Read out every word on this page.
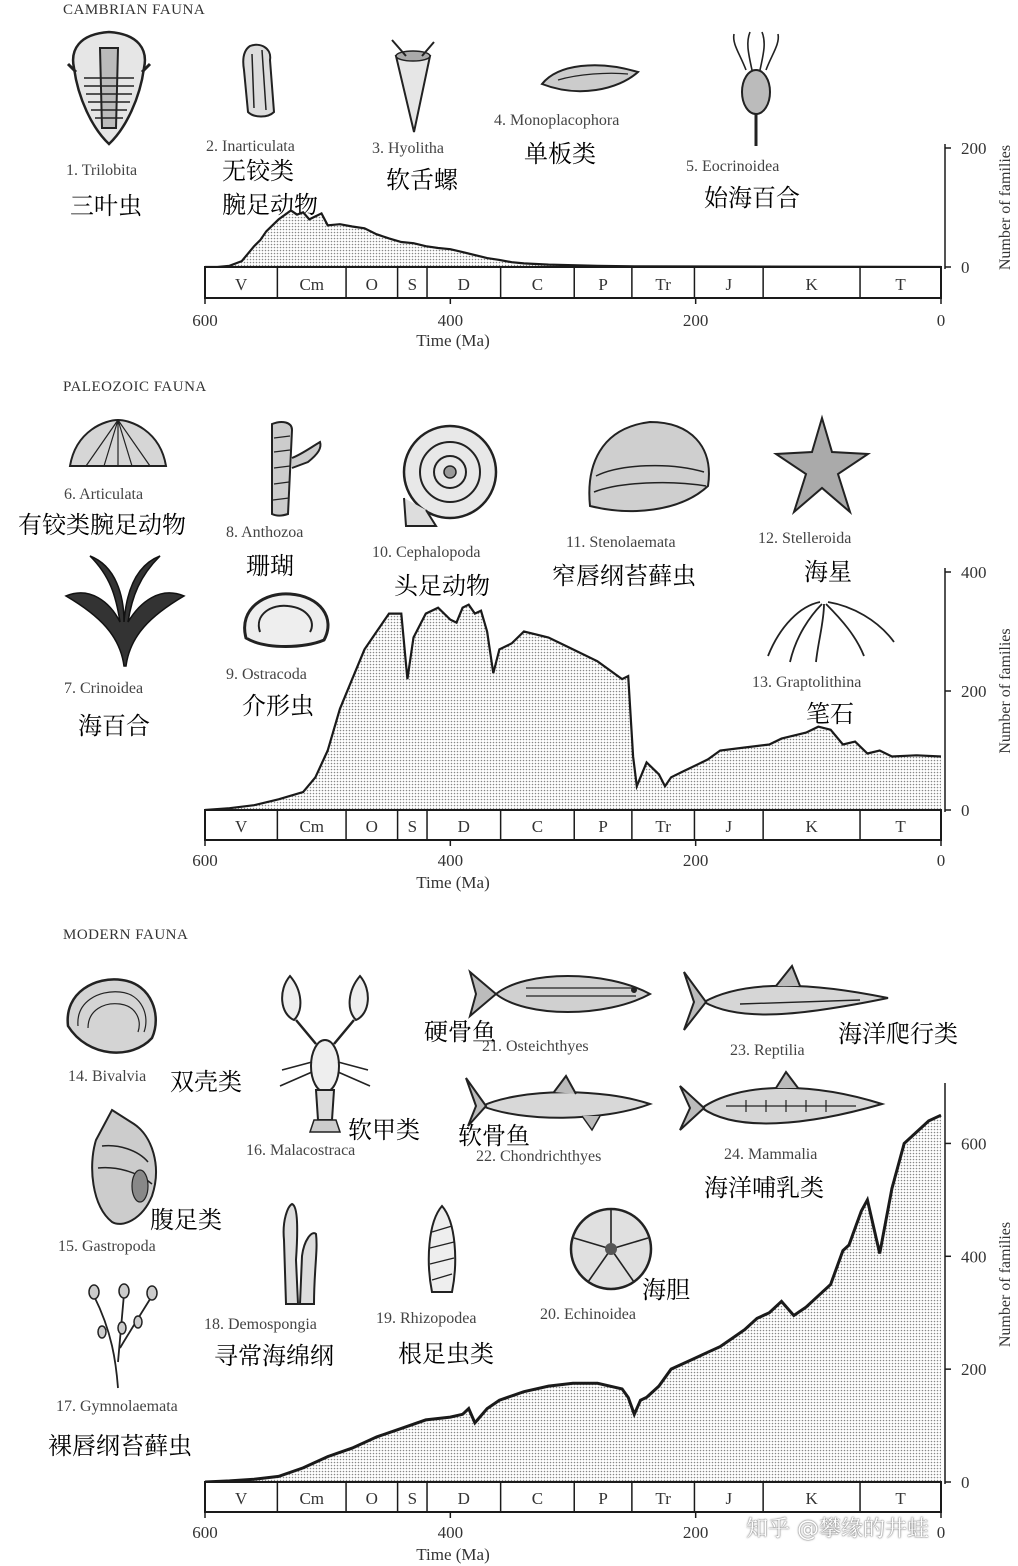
CAMBRIAN FAUNA
1. Trilobita
三叶虫
2. Inarticulata
无铰类
腕足动物
3. Hyolitha
软舌螺
4. Monoplacophora
单板类	5. Eocrinoidea
始海百合
PALEOZOIC FAUNA
6. Articulata
有铰类腕足动物
7. Crinoidea
海百合
8. Anthozoa
珊瑚
9. Ostracoda
介形虫
10. Cephalopoda
头足动物
11. Stenolaemata
窄唇纲苔藓虫
12. Stelleroida
海星
13. Graptolithina
笔石
MODERN FAUNA
14. Bivalvia 双壳类
15. Gastropoda
腹足类
16. Malacostraca
软甲类
17. Gymnolaemata
裸唇纲苔藓虫
18. Demospongia
寻常海绵纲
19. Rhizopodea
根足虫类
20. Echinoidea
海胆
21. Osteichthyes
硬骨鱼
22. Chondrichthyes
软骨鱼
23. Reptilia
海洋爬行类
24. Mammalia
海洋哺乳类
0
200 Number of families
V	Cm O S D	C	P	Tr	J	K	T
600	400	200	0
Time (Ma)
0
200
400
Number of families
V	Cm O S D	C	P	Tr	J	K	T
600	400	200	0
Time (Ma)
0
200
400
600
Number of families
V	Cm O S D	C	P	Tr	J	K	T
600	400	200	0
Time (Ma)
知乎 @攀缘的井蛙
